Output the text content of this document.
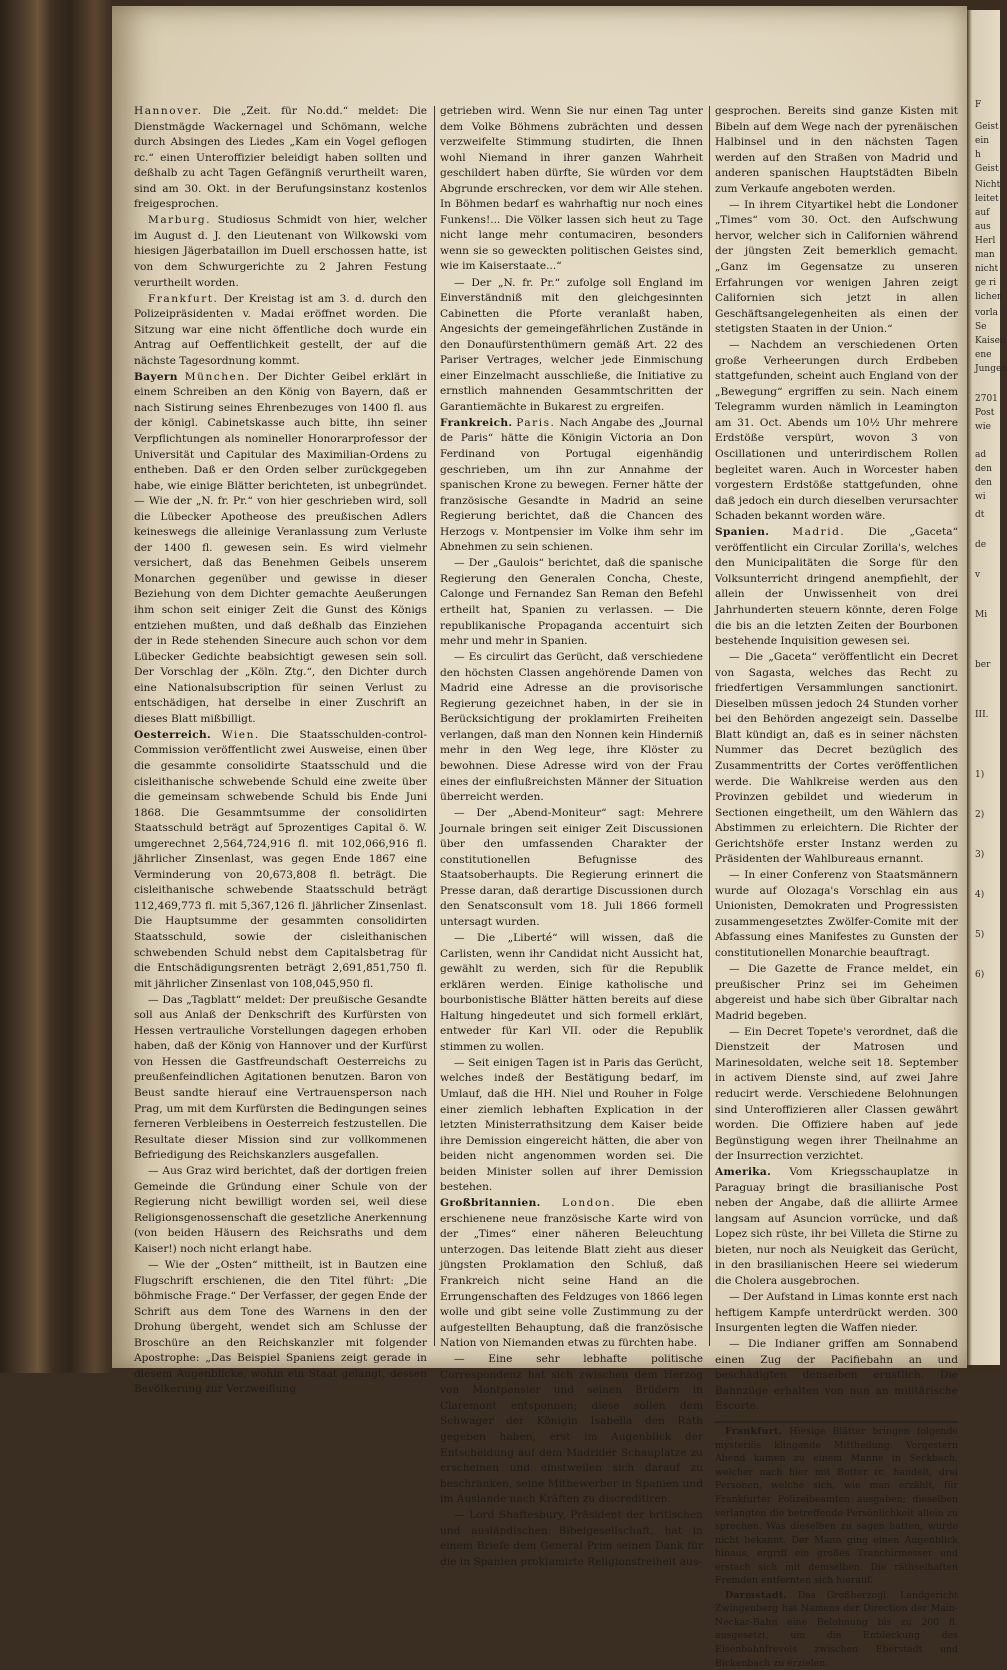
Hannover. Die „Zeit. für No.dd.“ meldet: Die Dienstmägde Wackernagel und Schömann, welche durch Absingen des Liedes „Kam ein Vogel geflogen rc.“ einen Unteroffizier beleidigt haben sollten und deßhalb zu acht Tagen Gefängniß verurtheilt waren, sind am 30. Okt. in der Berufungsinstanz kostenlos freigesprochen.

Marburg. Studiosus Schmidt von hier, welcher im August d. J. den Lieutenant von Wilkowski vom hiesigen Jägerbataillon im Duell erschossen hatte, ist von dem Schwurgerichte zu 2 Jahren Festung verurtheilt worden.

Frankfurt. Der Kreistag ist am 3. d. durch den Polizeipräsidenten v. Madai eröffnet worden. Die Sitzung war eine nicht öffentliche doch wurde ein Antrag auf Oeffentlichkeit gestellt, der auf die nächste Tagesordnung kommt.

Bayern München. Der Dichter Geibel erklärt in einem Schreiben an den König von Bayern, daß er nach Sistirung seines Ehrenbezuges von 1400 fl. aus der königl. Cabinetskasse auch bitte, ihn seiner Verpflichtungen als nomineller Honorarprofessor der Universität und Capitular des Maximilian-Ordens zu entheben. Daß er den Orden selber zurückgegeben habe, wie einige Blätter berichteten, ist unbegründet. — Wie der „N. fr. Pr.“ von hier geschrieben wird, soll die Lübecker Apotheose des preußischen Adlers keineswegs die alleinige Veranlassung zum Verluste der 1400 fl. gewesen sein. Es wird vielmehr versichert, daß das Benehmen Geibels unserem Monarchen gegenüber und gewisse in dieser Beziehung von dem Dichter gemachte Aeußerungen ihm schon seit einiger Zeit die Gunst des Königs entziehen mußten, und daß deßhalb das Einziehen der in Rede stehenden Sinecure auch schon vor dem Lübecker Gedichte beabsichtigt gewesen sein soll. Der Vorschlag der „Köln. Ztg.“, den Dichter durch eine Nationalsubscription für seinen Verlust zu entschädigen, hat derselbe in einer Zuschrift an dieses Blatt mißbilligt.

Oesterreich. Wien. Die Staatsschulden-control-Commission veröffentlicht zwei Ausweise, einen über die gesammte consolidirte Staatsschuld und die cisleithanische schwebende Schuld eine zweite über die gemeinsam schwebende Schuld bis Ende Juni 1868. Die Gesammtsumme der consolidirten Staatsschuld beträgt auf 5prozentiges Capital ö. W. umgerechnet 2,564,724,916 fl. mit 102,066,916 fl. jährlicher Zinsenlast, was gegen Ende 1867 eine Verminderung von 20,673,808 fl. beträgt. Die cisleithanische schwebende Staatsschuld beträgt 112,469,773 fl. mit 5,367,126 fl. jährlicher Zinsenlast. Die Hauptsumme der gesammten consolidirten Staatsschuld, sowie der cisleithanischen schwebenden Schuld nebst dem Capitalsbetrag für die Entschädigungsrenten beträgt 2,691,851,750 fl. mit jährlicher Zinsenlast von 108,045,950 fl.

— Das „Tagblatt“ meldet: Der preußische Gesandte soll aus Anlaß der Denkschrift des Kurfürsten von Hessen vertrauliche Vorstellungen dagegen erhoben haben, daß der König von Hannover und der Kurfürst von Hessen die Gastfreundschaft Oesterreichs zu preußenfeindlichen Agitationen benutzen. Baron von Beust sandte hierauf eine Vertrauensperson nach Prag, um mit dem Kurfürsten die Bedingungen seines ferneren Verbleibens in Oesterreich festzustellen. Die Resultate dieser Mission sind zur vollkommenen Befriedigung des Reichskanzlers ausgefallen.

— Aus Graz wird berichtet, daß der dortigen freien Gemeinde die Gründung einer Schule von der Regierung nicht bewilligt worden sei, weil diese Religionsgenossenschaft die gesetzliche Anerkennung (von beiden Häusern des Reichsraths und dem Kaiser!) noch nicht erlangt habe.

— Wie der „Osten“ mittheilt, ist in Bautzen eine Flugschrift erschienen, die den Titel führt: „Die böhmische Frage.“ Der Verfasser, der gegen Ende der Schrift aus dem Tone des Warnens in den der Drohung übergeht, wendet sich am Schlusse der Broschüre an den Reichskanzler mit folgender Apostrophe: „Das Beispiel Spaniens zeigt gerade in diesem Augenblicke, wohin ein Staat gelangt, dessen Bevölkerung zur Verzweiflung

getrieben wird. Wenn Sie nur einen Tag unter dem Volke Böhmens zubrächten und dessen verzweifelte Stimmung studirten, die Ihnen wohl Niemand in ihrer ganzen Wahrheit geschildert haben dürfte, Sie würden vor dem Abgrunde erschrecken, vor dem wir Alle stehen. In Böhmen bedarf es wahrhaftig nur noch eines Funkens!... Die Völker lassen sich heut zu Tage nicht lange mehr contumaciren, besonders wenn sie so geweckten politischen Geistes sind, wie im Kaiserstaate...“

— Der „N. fr. Pr.“ zufolge soll England im Einverständniß mit den gleichgesinnten Cabinetten die Pforte veranlaßt haben, Angesichts der gemeingefährlichen Zustände in den Donaufürstenthümern gemäß Art. 22 des Pariser Vertrages, welcher jede Einmischung einer Einzelmacht ausschließe, die Initiative zu ernstlich mahnenden Gesammtschritten der Garantiemächte in Bukarest zu ergreifen.

Frankreich. Paris. Nach Angabe des „Journal de Paris“ hätte die Königin Victoria an Don Ferdinand von Portugal eigenhändig geschrieben, um ihn zur Annahme der spanischen Krone zu bewegen. Ferner hätte der französische Gesandte in Madrid an seine Regierung berichtet, daß die Chancen des Herzogs v. Montpensier im Volke ihm sehr im Abnehmen zu sein schienen.

— Der „Gaulois“ berichtet, daß die spanische Regierung den Generalen Concha, Cheste, Calonge und Fernandez San Reman den Befehl ertheilt hat, Spanien zu verlassen. — Die republikanische Propaganda accentuirt sich mehr und mehr in Spanien.

— Es circulirt das Gerücht, daß verschiedene den höchsten Classen angehörende Damen von Madrid eine Adresse an die provisorische Regierung gezeichnet haben, in der sie in Berücksichtigung der proklamirten Freiheiten verlangen, daß man den Nonnen kein Hinderniß mehr in den Weg lege, ihre Klöster zu bewohnen. Diese Adresse wird von der Frau eines der einflußreichsten Männer der Situation überreicht werden.

— Der „Abend-Moniteur“ sagt: Mehrere Journale bringen seit einiger Zeit Discussionen über den umfassenden Charakter der constitutionellen Befugnisse des Staatsoberhaupts. Die Regierung erinnert die Presse daran, daß derartige Discussionen durch den Senatsconsult vom 18. Juli 1866 formell untersagt wurden.

— Die „Liberté“ will wissen, daß die Carlisten, wenn ihr Candidat nicht Aussicht hat, gewählt zu werden, sich für die Republik erklären werden. Einige katholische und bourbonistische Blätter hätten bereits auf diese Haltung hingedeutet und sich formell erklärt, entweder für Karl VII. oder die Republik stimmen zu wollen.

— Seit einigen Tagen ist in Paris das Gerücht, welches indeß der Bestätigung bedarf, im Umlauf, daß die HH. Niel und Rouher in Folge einer ziemlich lebhaften Explication in der letzten Ministerrathsitzung dem Kaiser beide ihre Demission eingereicht hätten, die aber von beiden nicht angenommen worden sei. Die beiden Minister sollen auf ihrer Demission bestehen.

Großbritannien. London. Die eben erschienene neue französische Karte wird von der „Times“ einer näheren Beleuchtung unterzogen. Das leitende Blatt zieht aus dieser jüngsten Proklamation den Schluß, daß Frankreich nicht seine Hand an die Errungenschaften des Feldzuges von 1866 legen wolle und gibt seine volle Zustimmung zu der aufgestellten Behauptung, daß die französische Nation von Niemanden etwas zu fürchten habe.

— Eine sehr lebhafte politische Correspondenz hat sich zwischen dem Herzog von Montpensier und seinen Brüdern in Claremont entsponnen; diese sollen dem Schwager der Königin Isabella den Rath gegeben haben, erst im Augenblick der Entscheidung auf dem Madrider Schauplatze zu erscheinen und einstweilen sich darauf zu beschränken, seine Mitbewerber in Spanien und im Auslande nach Kräften zu discreditiren.

— Lord Shaftesbury, Präsident der britischen und ausländischen Bibelgesellschaft, hat in einem Briefe dem General Prim seinen Dank für die in Spanien proklamirte Religionsfreiheit aus-

gesprochen. Bereits sind ganze Kisten mit Bibeln auf dem Wege nach der pyrenäischen Halbinsel und in den nächsten Tagen werden auf den Straßen von Madrid und anderen spanischen Hauptstädten Bibeln zum Verkaufe angeboten werden.

— In ihrem Cityartikel hebt die Londoner „Times“ vom 30. Oct. den Aufschwung hervor, welcher sich in Californien während der jüngsten Zeit bemerklich gemacht. „Ganz im Gegensatze zu unseren Erfahrungen vor wenigen Jahren zeigt Californien sich jetzt in allen Geschäftsangelegenheiten als einen der stetigsten Staaten in der Union.“

— Nachdem an verschiedenen Orten große Verheerungen durch Erdbeben stattgefunden, scheint auch England von der „Bewegung“ ergriffen zu sein. Nach einem Telegramm wurden nämlich in Leamington am 31. Oct. Abends um 10½ Uhr mehrere Erdstöße verspürt, wovon 3 von Oscillationen und unterirdischem Rollen begleitet waren. Auch in Worcester haben vorgestern Erdstöße stattgefunden, ohne daß jedoch ein durch dieselben verursachter Schaden bekannt worden wäre.

Spanien. Madrid. Die „Gaceta“ veröffentlicht ein Circular Zorilla's, welches den Municipalitäten die Sorge für den Volksunterricht dringend anempfiehlt, der allein der Unwissenheit von drei Jahrhunderten steuern könnte, deren Folge die bis an die letzten Zeiten der Bourbonen bestehende Inquisition gewesen sei.

— Die „Gaceta“ veröffentlicht ein Decret von Sagasta, welches das Recht zu friedfertigen Versammlungen sanctionirt. Dieselben müssen jedoch 24 Stunden vorher bei den Behörden angezeigt sein. Dasselbe Blatt kündigt an, daß es in seiner nächsten Nummer das Decret bezüglich des Zusammentritts der Cortes veröffentlichen werde. Die Wahlkreise werden aus den Provinzen gebildet und wiederum in Sectionen eingetheilt, um den Wählern das Abstimmen zu erleichtern. Die Richter der Gerichtshöfe erster Instanz werden zu Präsidenten der Wahlbureaus ernannt.

— In einer Conferenz von Staatsmännern wurde auf Olozaga's Vorschlag ein aus Unionisten, Demokraten und Progressisten zusammengesetztes Zwölfer-Comite mit der Abfassung eines Manifestes zu Gunsten der constitutionellen Monarchie beauftragt.

— Die Gazette de France meldet, ein preußischer Prinz sei im Geheimen abgereist und habe sich über Gibraltar nach Madrid begeben.

— Ein Decret Topete's verordnet, daß die Dienstzeit der Matrosen und Marinesoldaten, welche seit 18. September in activem Dienste sind, auf zwei Jahre reducirt werde. Verschiedene Belohnungen sind Unteroffizieren aller Classen gewährt worden. Die Offiziere haben auf jede Begünstigung wegen ihrer Theilnahme an der Insurrection verzichtet.

Amerika. Vom Kriegsschauplatze in Paraguay bringt die brasilianische Post neben der Angabe, daß die alliirte Armee langsam auf Asuncion vorrücke, und daß Lopez sich rüste, ihr bei Villeta die Stirne zu bieten, nur noch als Neuigkeit das Gerücht, in den brasilianischen Heere sei wiederum die Cholera ausgebrochen.

— Der Aufstand in Limas konnte erst nach heftigem Kampfe unterdrückt werden. 300 Insurgenten legten die Waffen nieder.

— Die Indianer griffen am Sonnabend einen Zug der Pacifiebahn an und beschädigten denselben ernstlich. Die Bahnzüge erhalten von nun an militärische Escorte.

Frankfurt. Hiesige Blätter bringen folgende mysteriös klingende Mittheilung: Vorgestern Abend kamen zu einem Manne in Seckbach, welcher nach hier mit Butter rc. handelt, drei Personen, welche sich, wie man erzählt, für Frankfurter Polizeibeamten ausgaben; dieselben verlangten die betreffende Persönlichkeit allein zu sprechen. Was dieselben zu sagen hatten, wurde nicht bekannt. Der Mann ging einen Augenblick hinaus, ergriff ein großes Tranchirmesser und erstach sich mit demselben. Die räthselhaften Fremden entfernten sich hierauf.

Darmstadt. Das Großherzogl. Landgericht Zwingenberg hat Namens der Direction der Main-Neckar-Bahn eine Belohnung bis zu 200 fl. ausgesetzt, um die Entdeckung des Eisenbahnfrevels zwischen Eberstadt und Bickenbach zu erzielen.

F
Geist
ein
h
Geist
Nicht
leitet
auf
aus
Herl
man
nicht
ge ri
lichen
vorla
Se
Kaisen
ene
Jungen
2701
Post
wie
ad
den
den
wi
dt
de
v
Mi
ber
III.
1)
2)
3)
4)
5)
6)
